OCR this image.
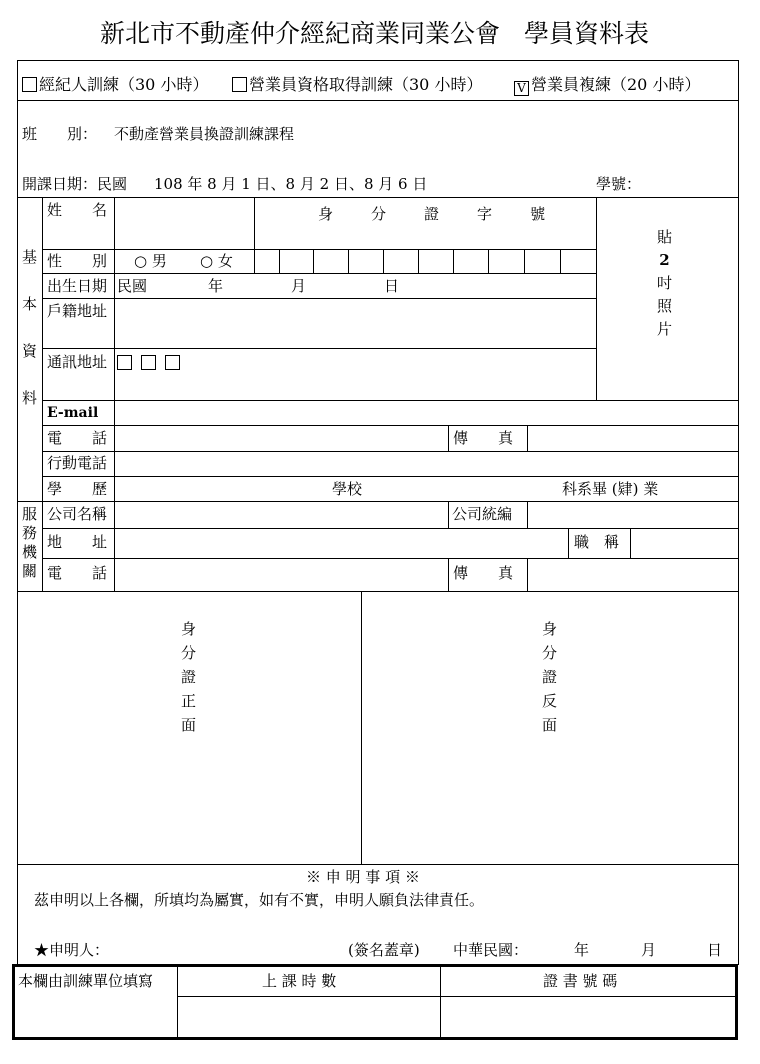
新北市不動產仲介經紀商業同業公會 學員資料表
經紀人訓練（30 小時）	營業員資格取得訓練（30 小時）	V 營業員複練（20 小時）
班　　別： 不動產營業員換證訓練課程
開課日期：民國 108 年 8 月 1 日、8 月 2 日、8 月 6 日	學號：
基
本
資
料
姓　　名	身	分	證	字	號
性　　別 ○ 男 ○ 女
出生日期 民國	年	月	日
戶籍地址
通訊地址
貼
2
吋
照
片
E-mail
電　　話	傳　　真
行動電話
學　　歷	學校	科系畢 (肄) 業
服
務
機
關
公司名稱	公司統編
地　　址	職　稱
電　　話	傳　　真
身
分
證
正
面
身
分
證
反
面
※ 申 明 事 項 ※
茲申明以上各欄，所填均為屬實，如有不實，申明人願負法律責任。
★申明人：	(簽名蓋章) 中華民國：	年	月	日
本欄由訓練單位填寫	上 課 時 數	證 書 號 碼
